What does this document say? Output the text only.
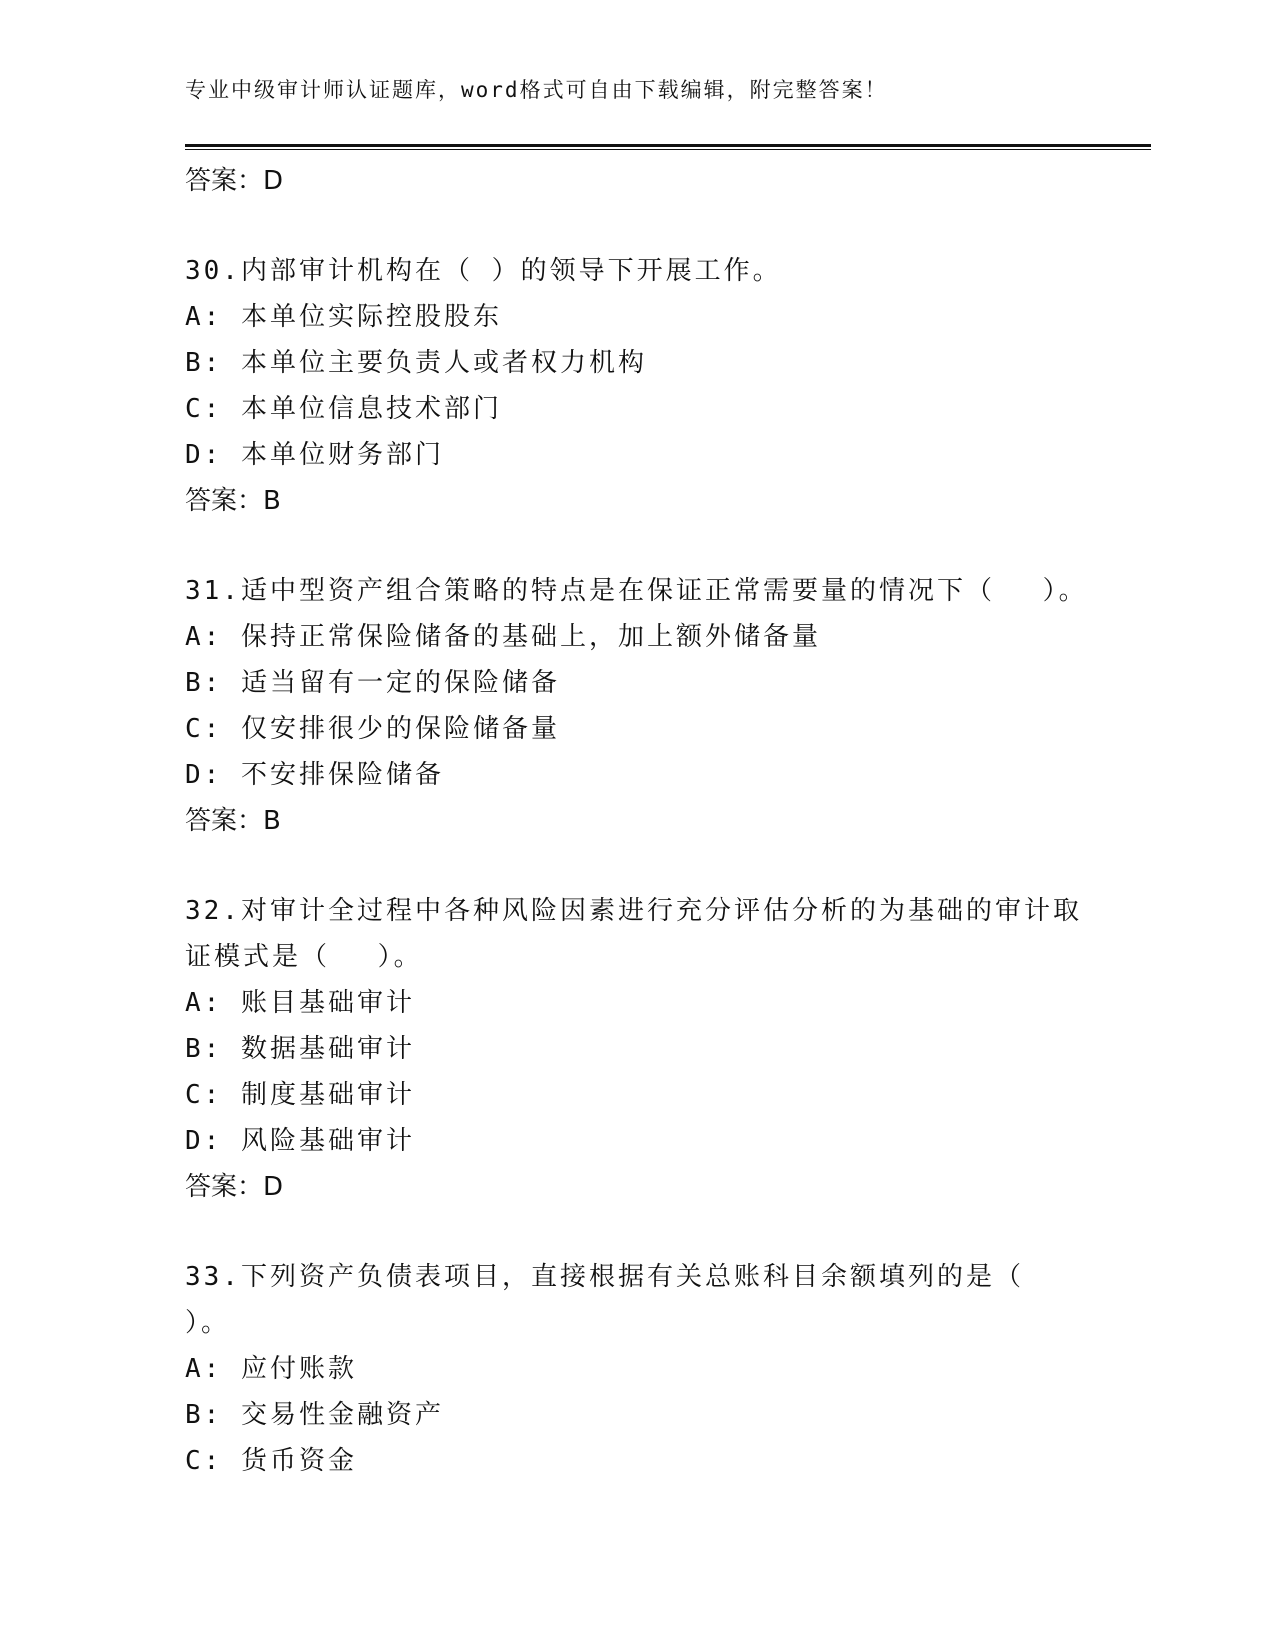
专业中级审计师认证题库，word格式可自由下载编辑，附完整答案！
答案：D
30.内部审计机构在（ ）的领导下开展工作。
A: 本单位实际控股股东
B: 本单位主要负责人或者权力机构
C: 本单位信息技术部门
D: 本单位财务部门
答案：B
31.适中型资产组合策略的特点是在保证正常需要量的情况下（　 ）。
A: 保持正常保险储备的基础上，加上额外储备量
B: 适当留有一定的保险储备
C: 仅安排很少的保险储备量
D: 不安排保险储备
答案：B
32.对审计全过程中各种风险因素进行充分评估分析的为基础的审计取证模式是（　 ）。
A: 账目基础审计
B: 数据基础审计
C: 制度基础审计
D: 风险基础审计
答案：D
33.下列资产负债表项目，直接根据有关总账科目余额填列的是（　 ）。
A: 应付账款
B: 交易性金融资产
C: 货币资金
